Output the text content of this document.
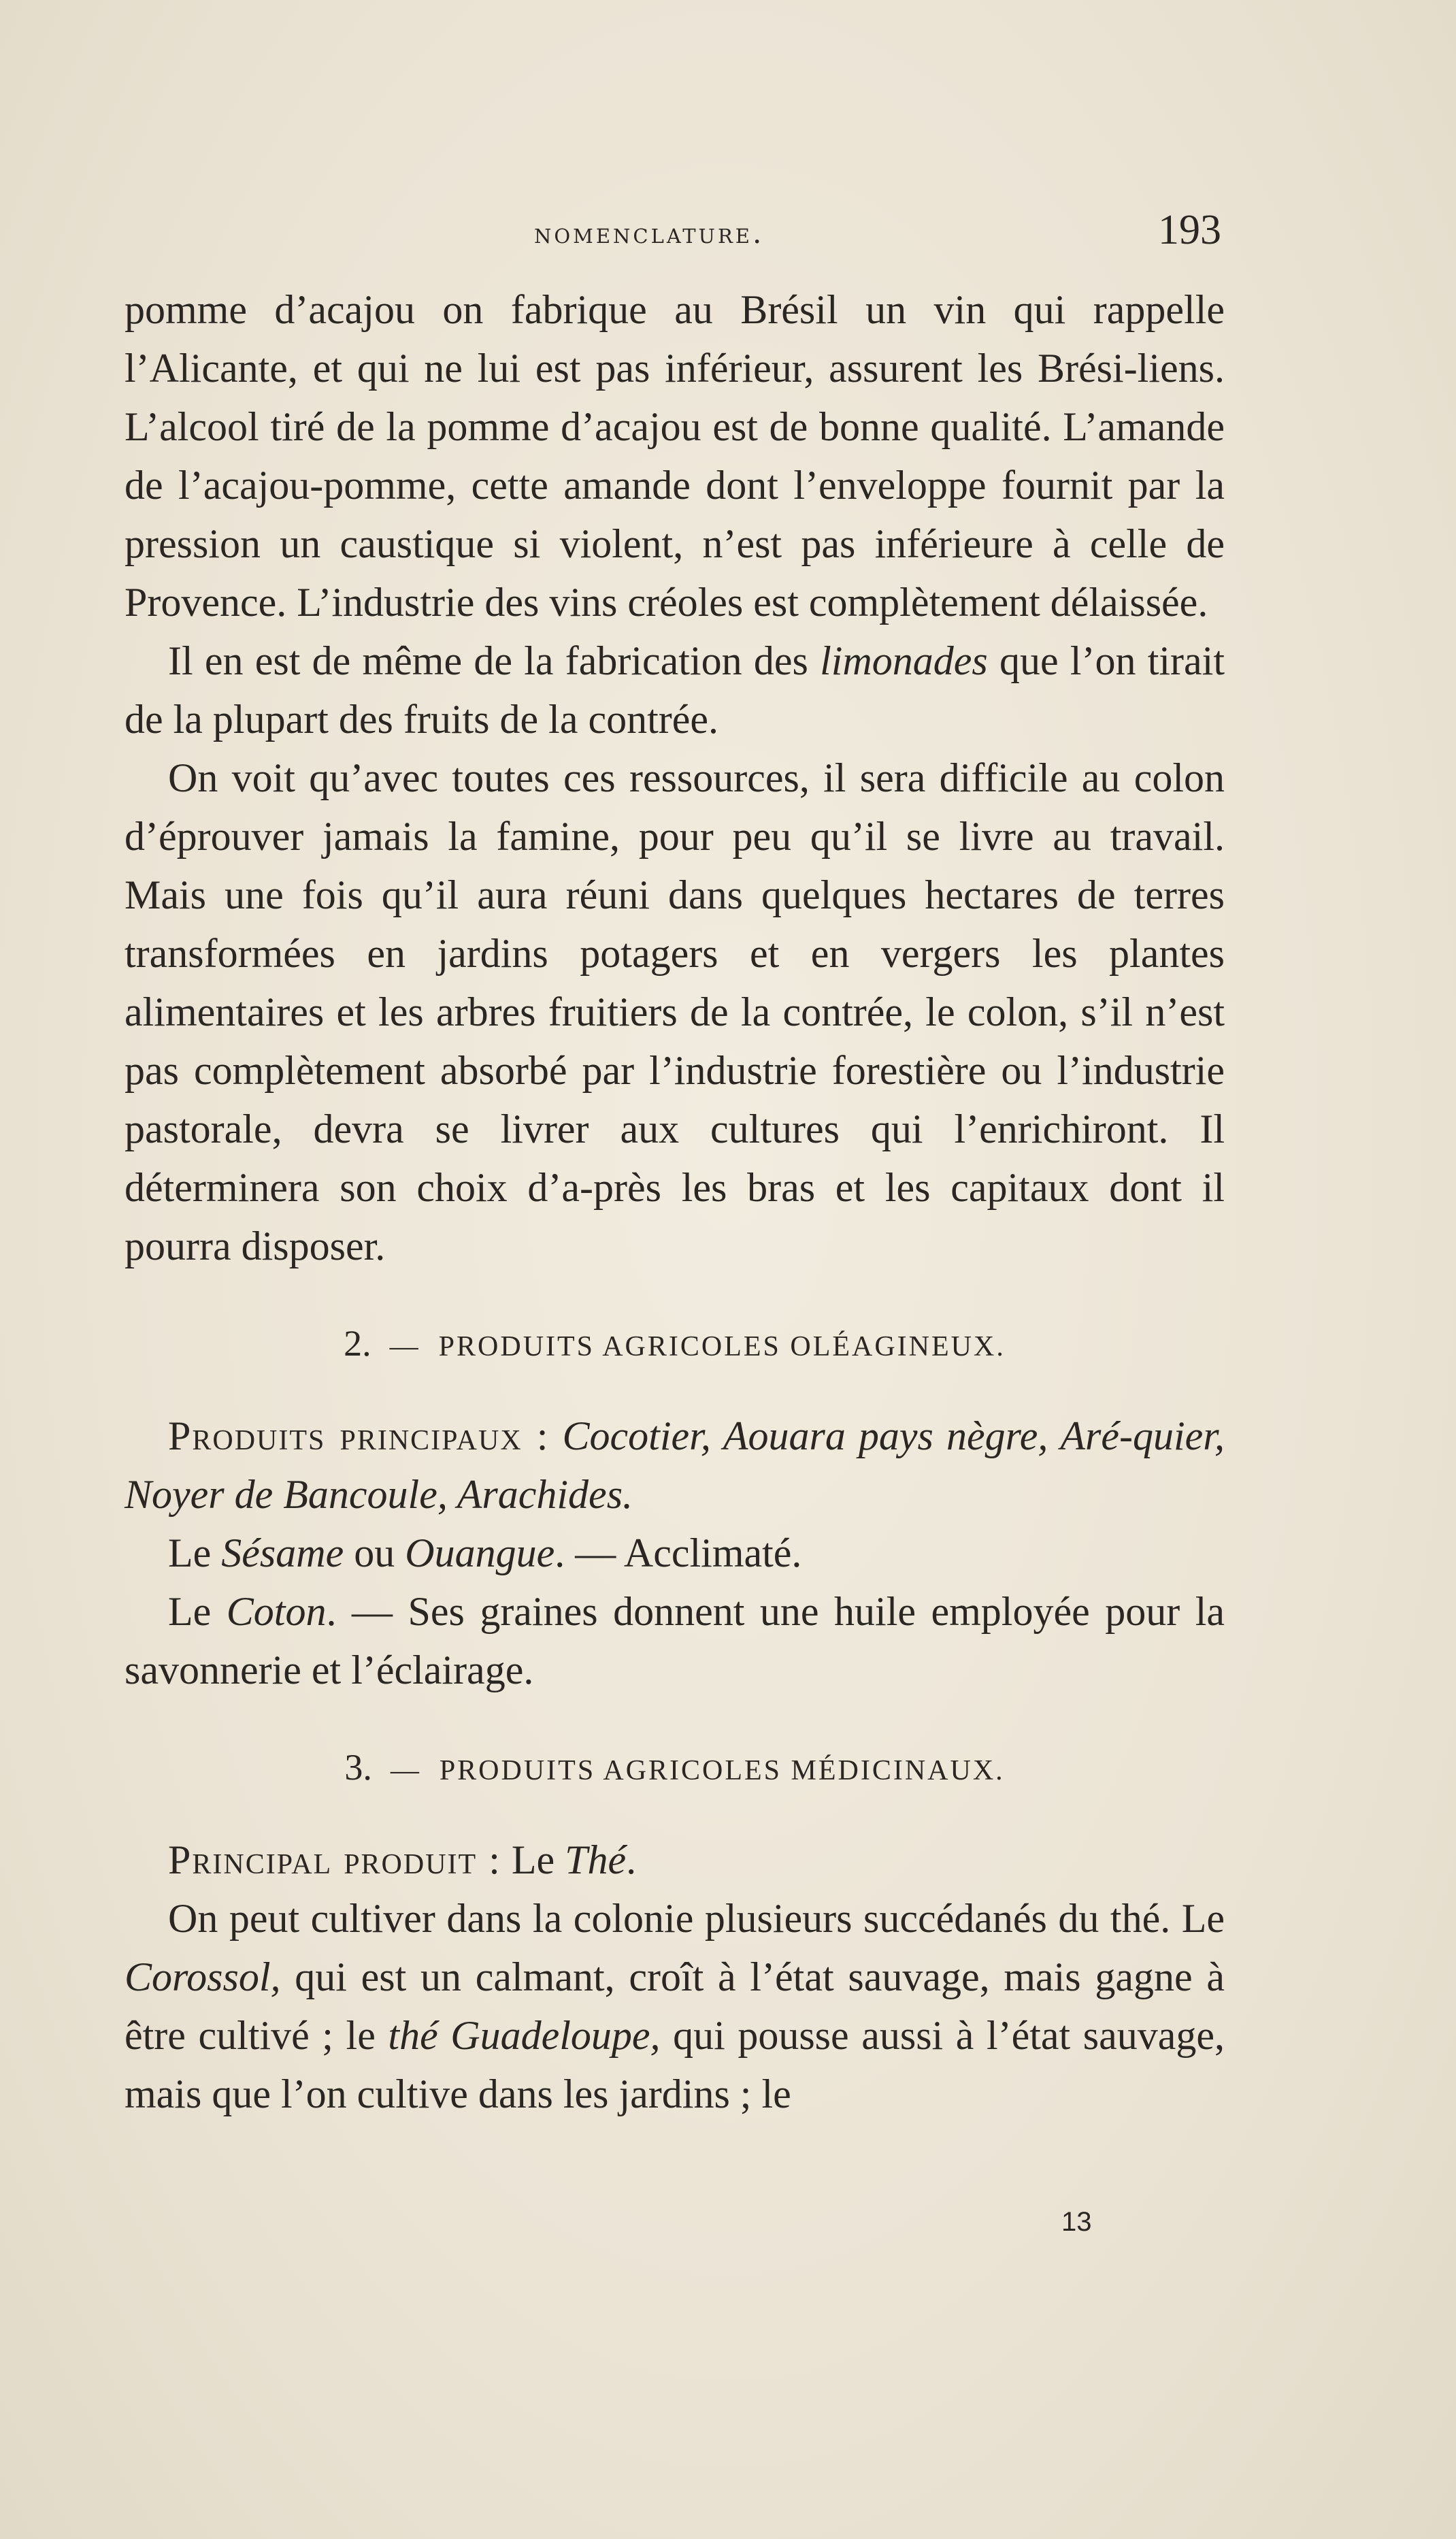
nomenclature.	193

pomme d’acajou on fabrique au Brésil un vin qui rappelle l’Alicante, et qui ne lui est pas inférieur, assurent les Brési-liens. L’alcool tiré de la pomme d’acajou est de bonne qualité. L’amande de l’acajou-pomme, cette amande dont l’enveloppe fournit par la pression un caustique si violent, n’est pas inférieure à celle de Provence. L’industrie des vins créoles est complètement délaissée.

Il en est de même de la fabrication des limonades que l’on tirait de la plupart des fruits de la contrée.

On voit qu’avec toutes ces ressources, il sera difficile au colon d’éprouver jamais la famine, pour peu qu’il se livre au travail. Mais une fois qu’il aura réuni dans quelques hectares de terres transformées en jardins potagers et en vergers les plantes alimentaires et les arbres fruitiers de la contrée, le colon, s’il n’est pas complètement absorbé par l’industrie forestière ou l’industrie pastorale, devra se livrer aux cultures qui l’enrichiront. Il déterminera son choix d’a-près les bras et les capitaux dont il pourra disposer.

2. — PRODUITS AGRICOLES OLÉAGINEUX.

Produits principaux : Cocotier, Aouara pays nègre, Aré-quier, Noyer de Bancoule, Arachides.

Le Sésame ou Ouangue. — Acclimaté.

Le Coton. — Ses graines donnent une huile employée pour la savonnerie et l’éclairage.

3. — PRODUITS AGRICOLES MÉDICINAUX.

Principal produit : Le Thé.

On peut cultiver dans la colonie plusieurs succédanés du thé. Le Corossol, qui est un calmant, croît à l’état sauvage, mais gagne à être cultivé ; le thé Guadeloupe, qui pousse aussi à l’état sauvage, mais que l’on cultive dans les jardins ; le

13
